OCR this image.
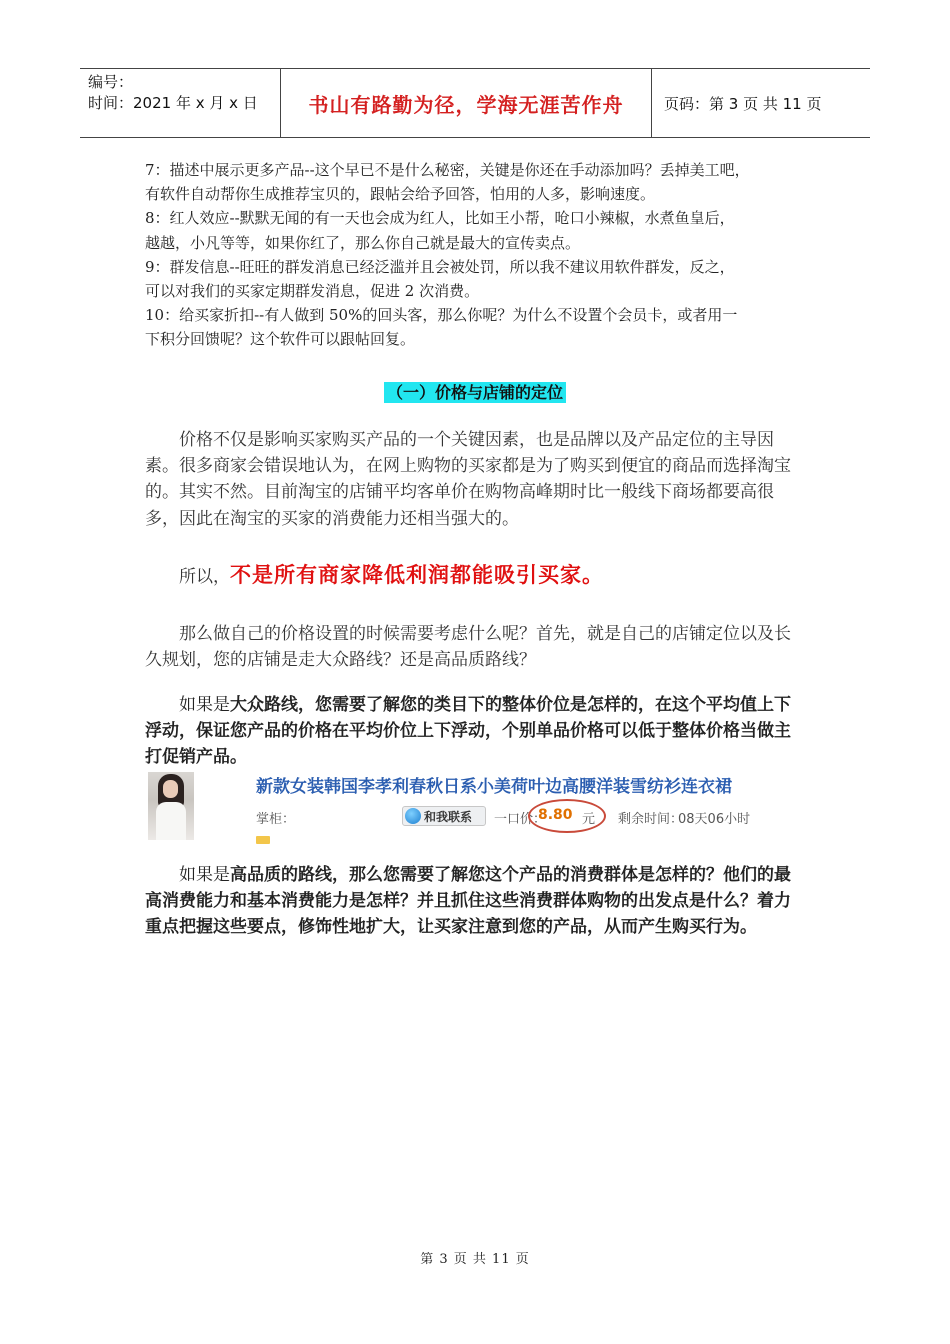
编号：
时间：2021 年 x 月 x 日	书山有路勤为径，学海无涯苦作舟	页码：第 3 页 共 11 页

7：描述中展示更多产品--这个早已不是什么秘密，关键是你还在手动添加吗？丢掉美工吧，

有软件自动帮你生成推荐宝贝的，跟帖会给予回答，怕用的人多，影响速度。

8：红人效应--默默无闻的有一天也会成为红人，比如王小帮，呛口小辣椒，水煮鱼皇后，

越越，小凡等等，如果你红了，那么你自己就是最大的宣传卖点。

9：群发信息--旺旺的群发消息已经泛滥并且会被处罚，所以我不建议用软件群发，反之，

可以对我们的买家定期群发消息，促进 2 次消费。

10：给买家折扣--有人做到 50%的回头客，那么你呢？为什么不设置个会员卡，或者用一

下积分回馈呢？这个软件可以跟帖回复。

（一）价格与店铺的定位

价格不仅是影响买家购买产品的一个关键因素，也是品牌以及产品定位的主导因素。很多商家会错误地认为，在网上购物的买家都是为了购买到便宜的商品而选择淘宝的。其实不然。目前淘宝的店铺平均客单价在购物高峰期时比一般线下商场都要高很多，因此在淘宝的买家的消费能力还相当强大的。

所以，不是所有商家降低利润都能吸引买家。

那么做自己的价格设置的时候需要考虑什么呢？首先，就是自己的店铺定位以及长久规划，您的店铺是走大众路线？还是高品质路线？

如果是大众路线，您需要了解您的类目下的整体价位是怎样的，在这个平均值上下浮动，保证您产品的价格在平均价位上下浮动，个别单品价格可以低于整体价格当做主打促销产品。

新款女装韩国李孝利春秋日系小美荷叶边高腰洋装雪纺衫连衣裙
掌柜：	和我联系 一口价：
8.80 元 剩余时间：
08天06小时

如果是高品质的路线，那么您需要了解您这个产品的消费群体是怎样的？他们的最高消费能力和基本消费能力是怎样？并且抓住这些消费群体购物的出发点是什么？着力重点把握这些要点，修饰性地扩大，让买家注意到您的产品，从而产生购买行为。

第 3 页 共 11 页
